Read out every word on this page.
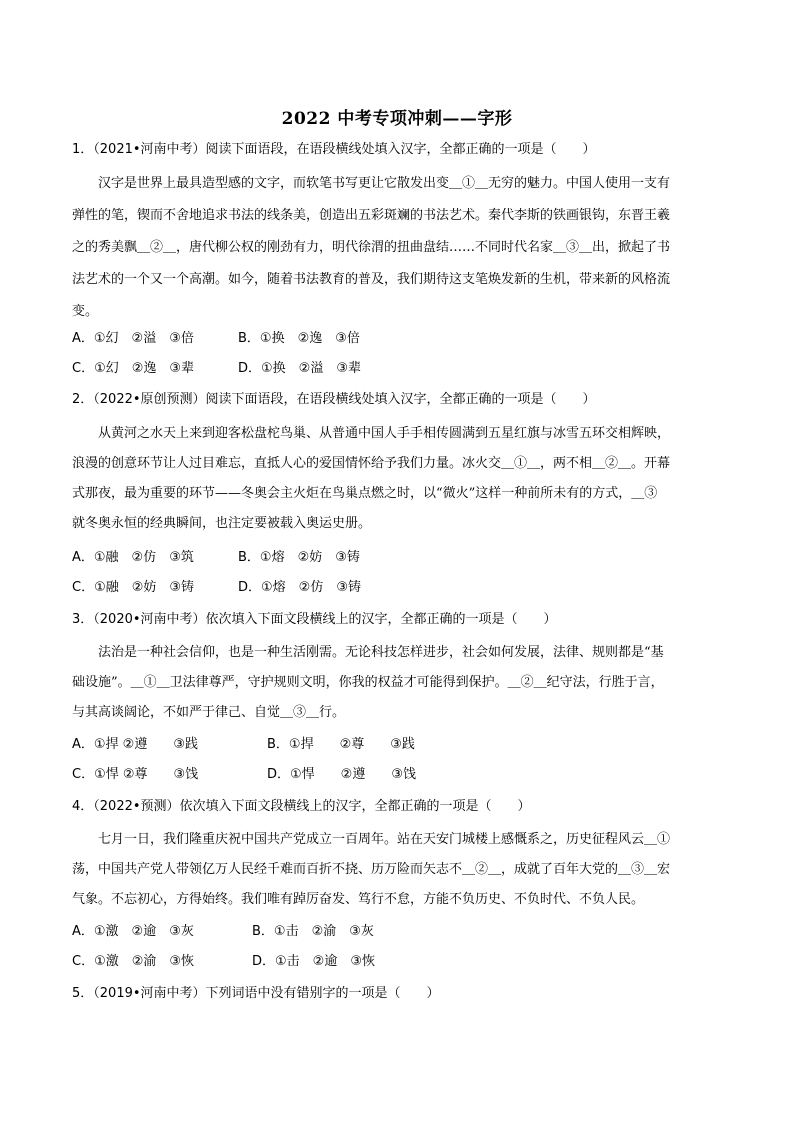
2022 中考专项冲刺——字形
1．（2021•河南中考）阅读下面语段，在语段横线处填入汉字，全都正确的一项是（　　）
　　汉字是世界上最具造型感的文字，而软笔书写更让它散发出变＿①＿无穷的魅力。中国人使用一支有
弹性的笔，锲而不舍地追求书法的线条美，创造出五彩斑斓的书法艺术。秦代李斯的铁画银钩，东晋王羲
之的秀美飘＿②＿，唐代柳公权的刚劲有力，明代徐渭的扭曲盘结……不同时代名家＿③＿出，掀起了书
法艺术的一个又一个高潮。如今，随着书法教育的普及，我们期待这支笔焕发新的生机，带来新的风格流
变。
A．①幻　②溢　③倍	B．①换　②逸　③倍
C．①幻　②逸　③辈	D．①换　②溢　③辈
2．（2022•原创预测）阅读下面语段，在语段横线处填入汉字，全都正确的一项是（　　）
　　从黄河之水天上来到迎客松盘柁鸟巢、从普通中国人手手相传圆满到五星红旗与冰雪五环交相辉映，
浪漫的创意环节让人过目难忘，直抵人心的爱国情怀给予我们力量。冰火交＿①＿，两不相＿②＿。开幕
式那夜，最为重要的环节——冬奥会主火炬在鸟巢点燃之时，以“微火”这样一种前所未有的方式，＿③
就冬奥永恒的经典瞬间，也注定要被载入奥运史册。
A．①融　②仿　③筑	B．①熔　②妨　③铸
C．①融　②妨　③铸	D．①熔　②仿　③铸
3．（2020•河南中考）依次填入下面文段横线上的汉字，全都正确的一项是（　　）
　　法治是一种社会信仰，也是一种生活刚需。无论科技怎样进步，社会如何发展，法律、规则都是“基
础设施”。＿①＿卫法律尊严，守护规则文明，你我的权益才可能得到保护。＿②＿纪守法，行胜于言，
与其高谈阔论，不如严于律己、自觉＿③＿行。
A．①捍 ②遵　　③践	B．①捍　　②尊　　③践
C．①悍 ②尊　　③饯	D．①悍　　②遵　　③饯
4．（2022•预测）依次填入下面文段横线上的汉字，全都正确的一项是（　　）
　　七月一日，我们隆重庆祝中国共产党成立一百周年。站在天安门城楼上感慨系之，历史征程风云＿①
荡，中国共产党人带领亿万人民经千难而百折不挠、历万险而矢志不＿②＿，成就了百年大党的＿③＿宏
气象。不忘初心，方得始终。我们唯有踔厉奋发、笃行不怠，方能不负历史、不负时代、不负人民。
A．①激　②逾　③灰	B．①击　②渝　③灰
C．①激　②渝　③恢	D．①击　②逾　③恢
5．（2019•河南中考）下列词语中没有错别字的一项是（　　）
